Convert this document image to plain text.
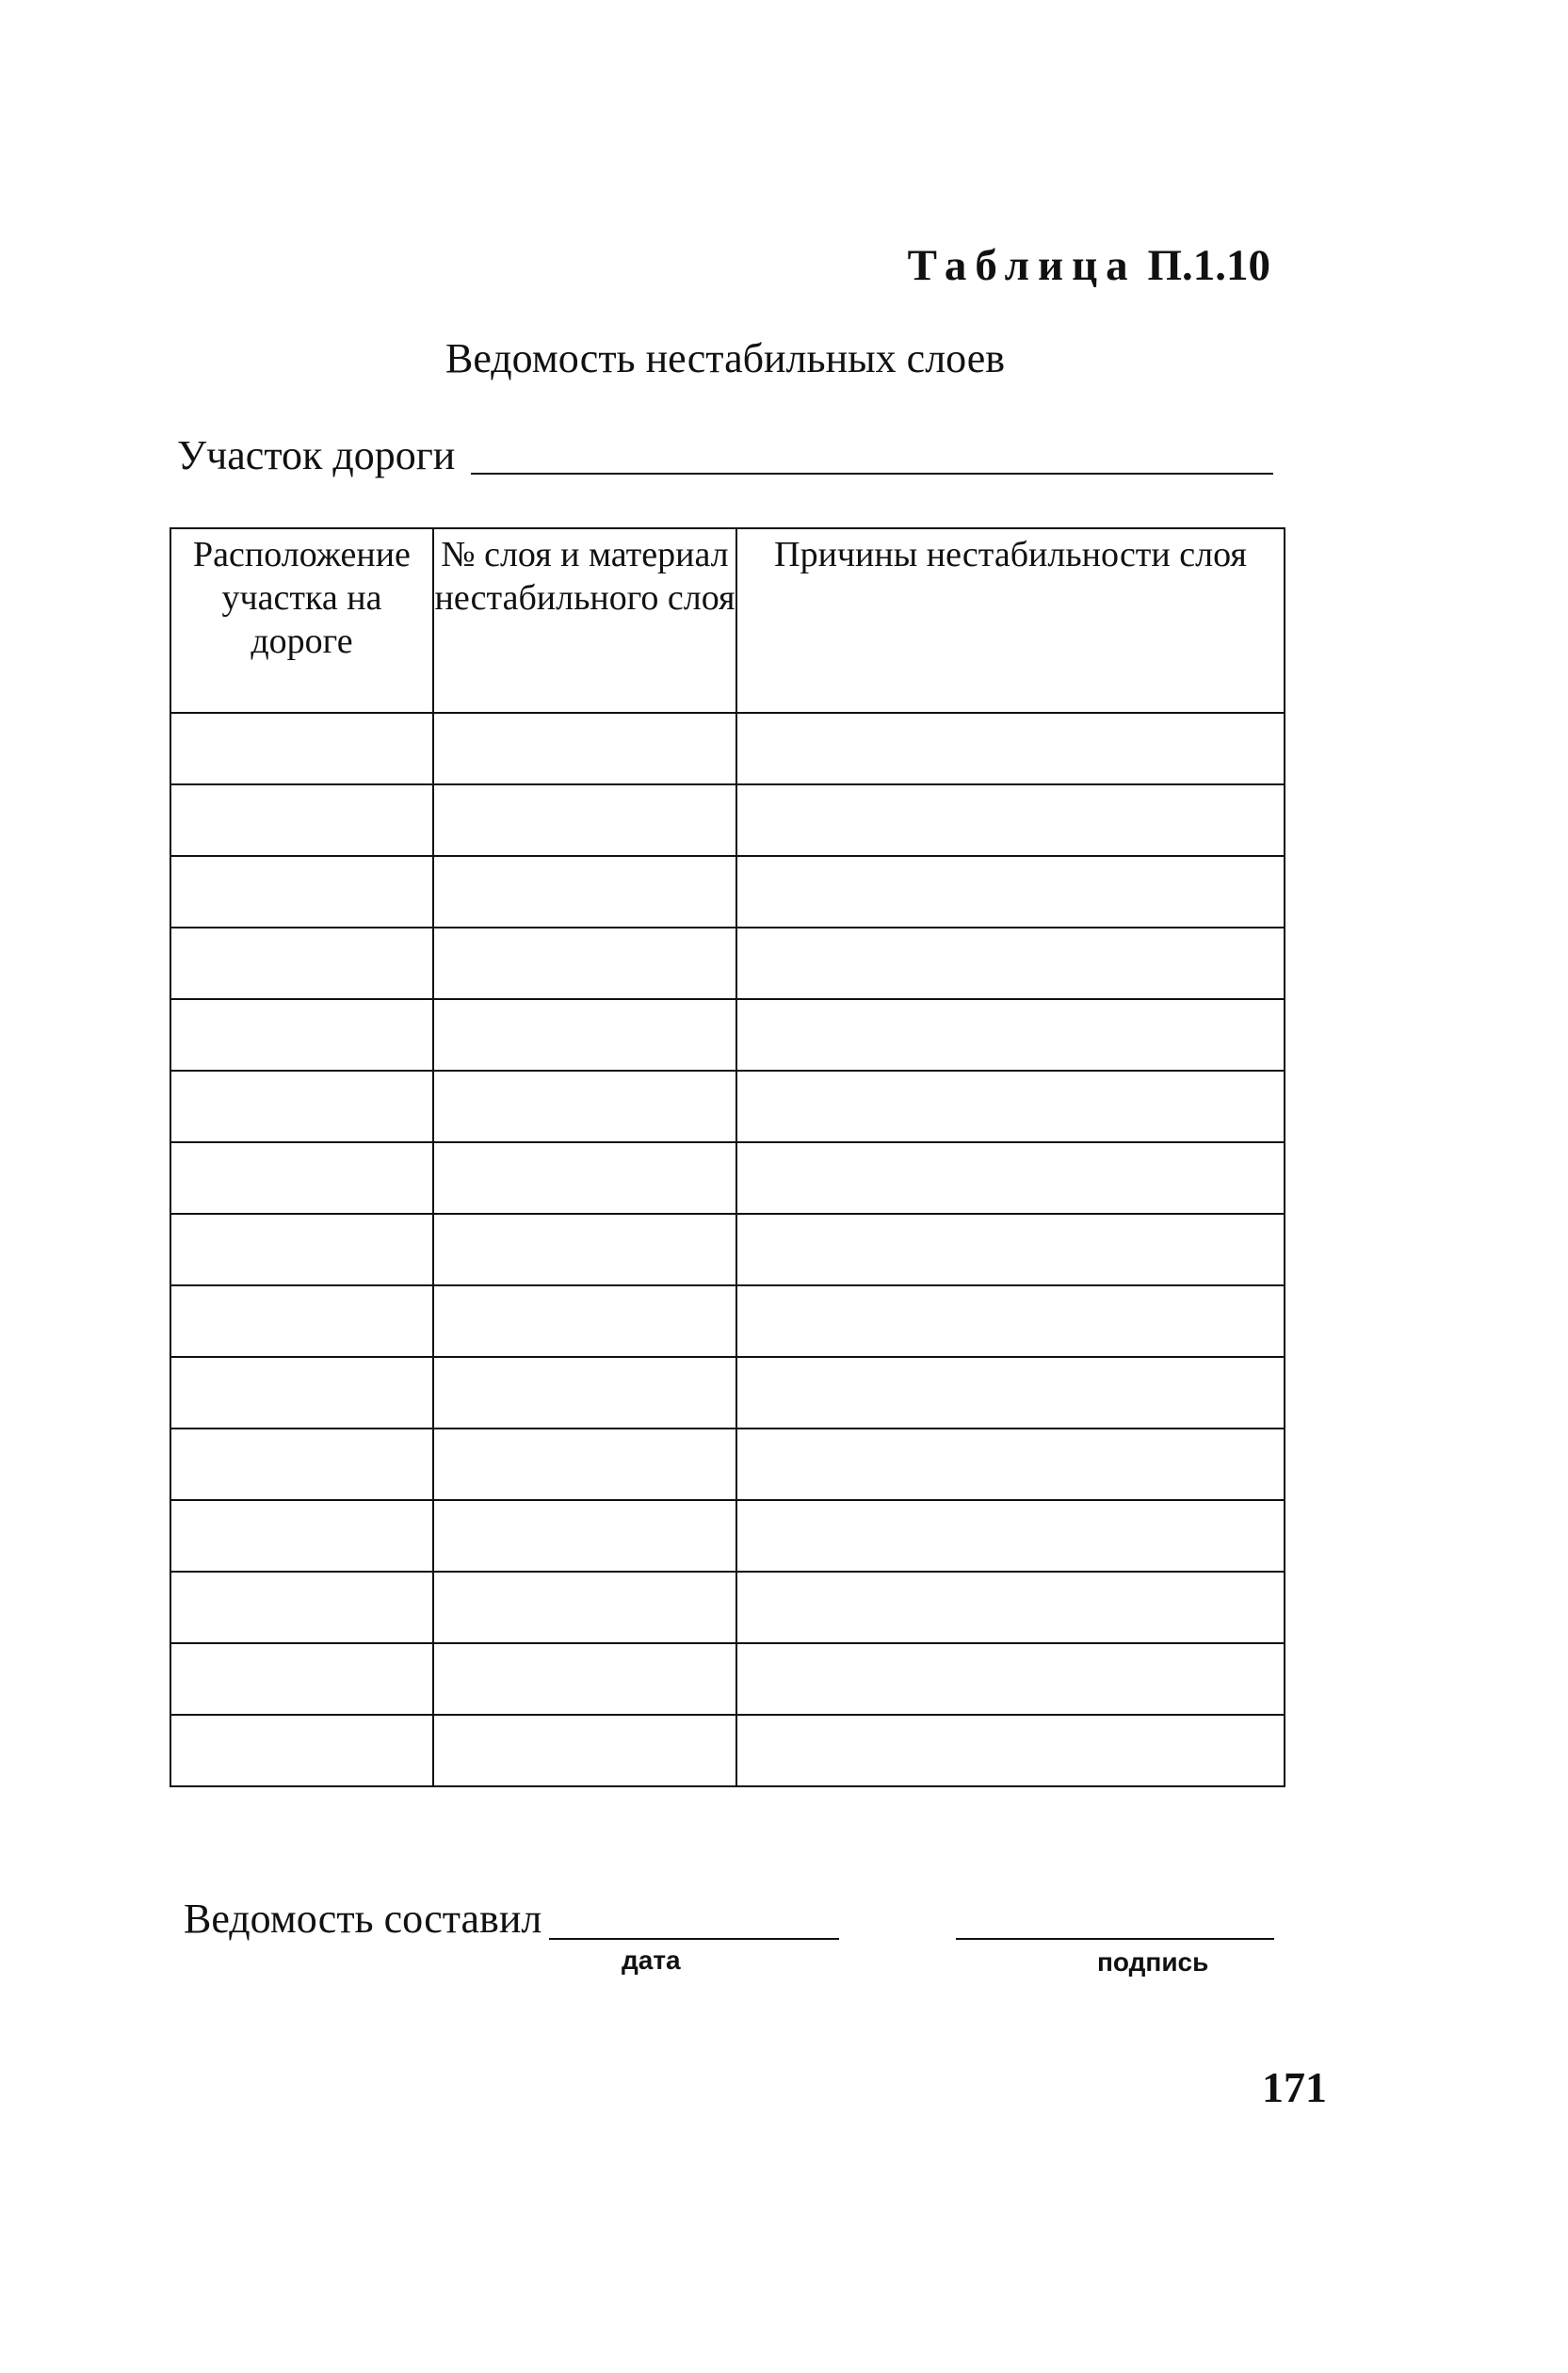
Таблица П.1.10
Ведомость нестабильных слоев
Участок дороги
Расположение участка на дороге	№ слоя и материал нестабильного слоя	Причины нестабильности слоя

Ведомость составил
дата	подпись
171
